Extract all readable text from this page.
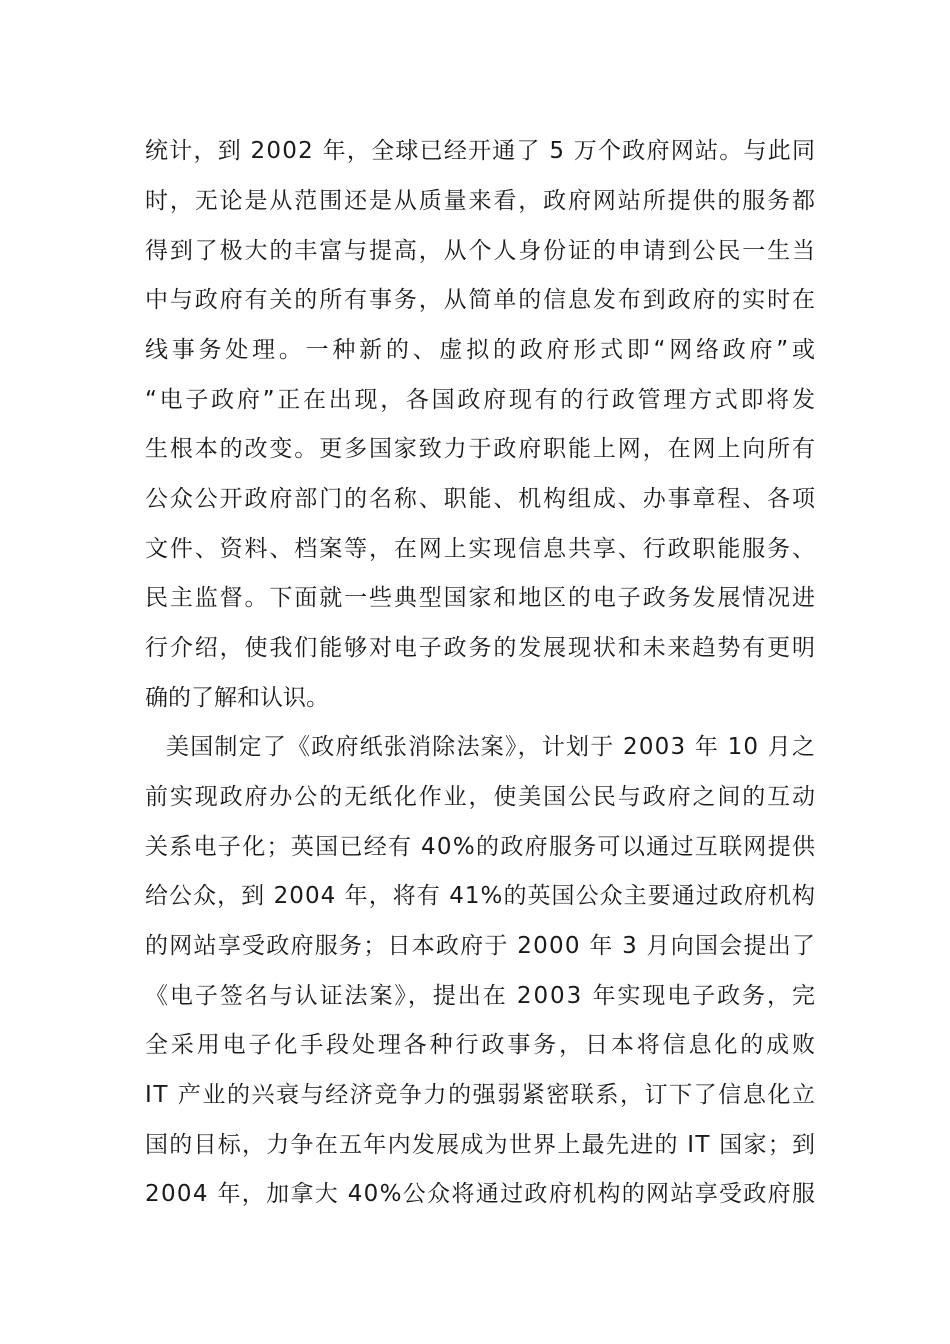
统计，到 2002 年，全球已经开通了 5 万个政府网站。与此同
时，无论是从范围还是从质量来看，政府网站所提供的服务都
得到了极大的丰富与提高，从个人身份证的申请到公民一生当
中与政府有关的所有事务，从简单的信息发布到政府的实时在
线事务处理。一种新的、虚拟的政府形式即“网络政府”或
“电子政府”正在出现，各国政府现有的行政管理方式即将发
生根本的改变。更多国家致力于政府职能上网，在网上向所有
公众公开政府部门的名称、职能、机构组成、办事章程、各项
文件、资料、档案等，在网上实现信息共享、行政职能服务、
民主监督。下面就一些典型国家和地区的电子政务发展情况进
行介绍，使我们能够对电子政务的发展现状和未来趋势有更明
确的了解和认识。
美国制定了《政府纸张消除法案》，计划于 2003 年 10 月之
前实现政府办公的无纸化作业，使美国公民与政府之间的互动
关系电子化；英国已经有 40%的政府服务可以通过互联网提供
给公众，到 2004 年，将有 41%的英国公众主要通过政府机构
的网站享受政府服务；日本政府于 2000 年 3 月向国会提出了
《电子签名与认证法案》，提出在 2003 年实现电子政务，完
全采用电子化手段处理各种行政事务，日本将信息化的成败
IT 产业的兴衰与经济竞争力的强弱紧密联系，订下了信息化立
国的目标，力争在五年内发展成为世界上最先进的 IT 国家；到
2004 年，加拿大 40%公众将通过政府机构的网站享受政府服
